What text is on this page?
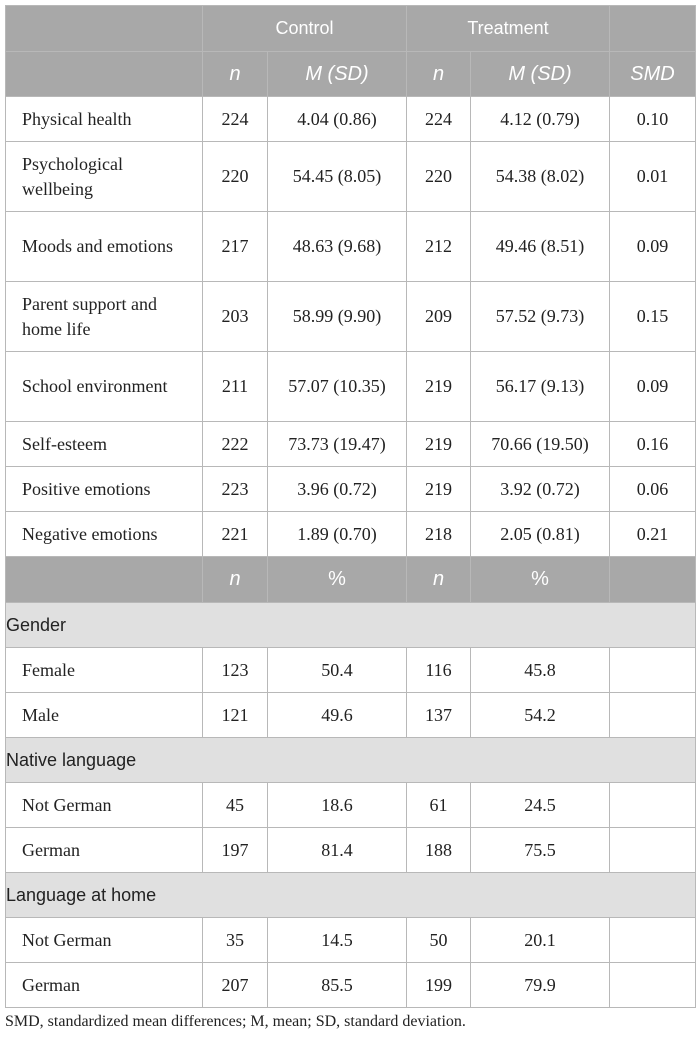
	Control		Treatment		
	n	M (SD)	n	M (SD)	SMD
Physical health	224	4.04 (0.86)	224	4.12 (0.79)	0.10
Psychological wellbeing	220	54.45 (8.05)	220	54.38 (8.02)	0.01
Moods and emotions	217	48.63 (9.68)	212	49.46 (8.51)	0.09
Parent support and home life	203	58.99 (9.90)	209	57.52 (9.73)	0.15
School environment	211	57.07 (10.35)	219	56.17 (9.13)	0.09
Self-esteem	222	73.73 (19.47)	219	70.66 (19.50)	0.16
Positive emotions	223	3.96 (0.72)	219	3.92 (0.72)	0.06
Negative emotions	221	1.89 (0.70)	218	2.05 (0.81)	0.21
	n	%	n	%	
Gender					
Female	123	50.4	116	45.8	
Male	121	49.6	137	54.2	
Native language					
Not German	45	18.6	61	24.5	
German	197	81.4	188	75.5	
Language at home					
Not German	35	14.5	50	20.1	
German	207	85.5	199	79.9	
SMD, standardized mean differences; M, mean; SD, standard deviation.
